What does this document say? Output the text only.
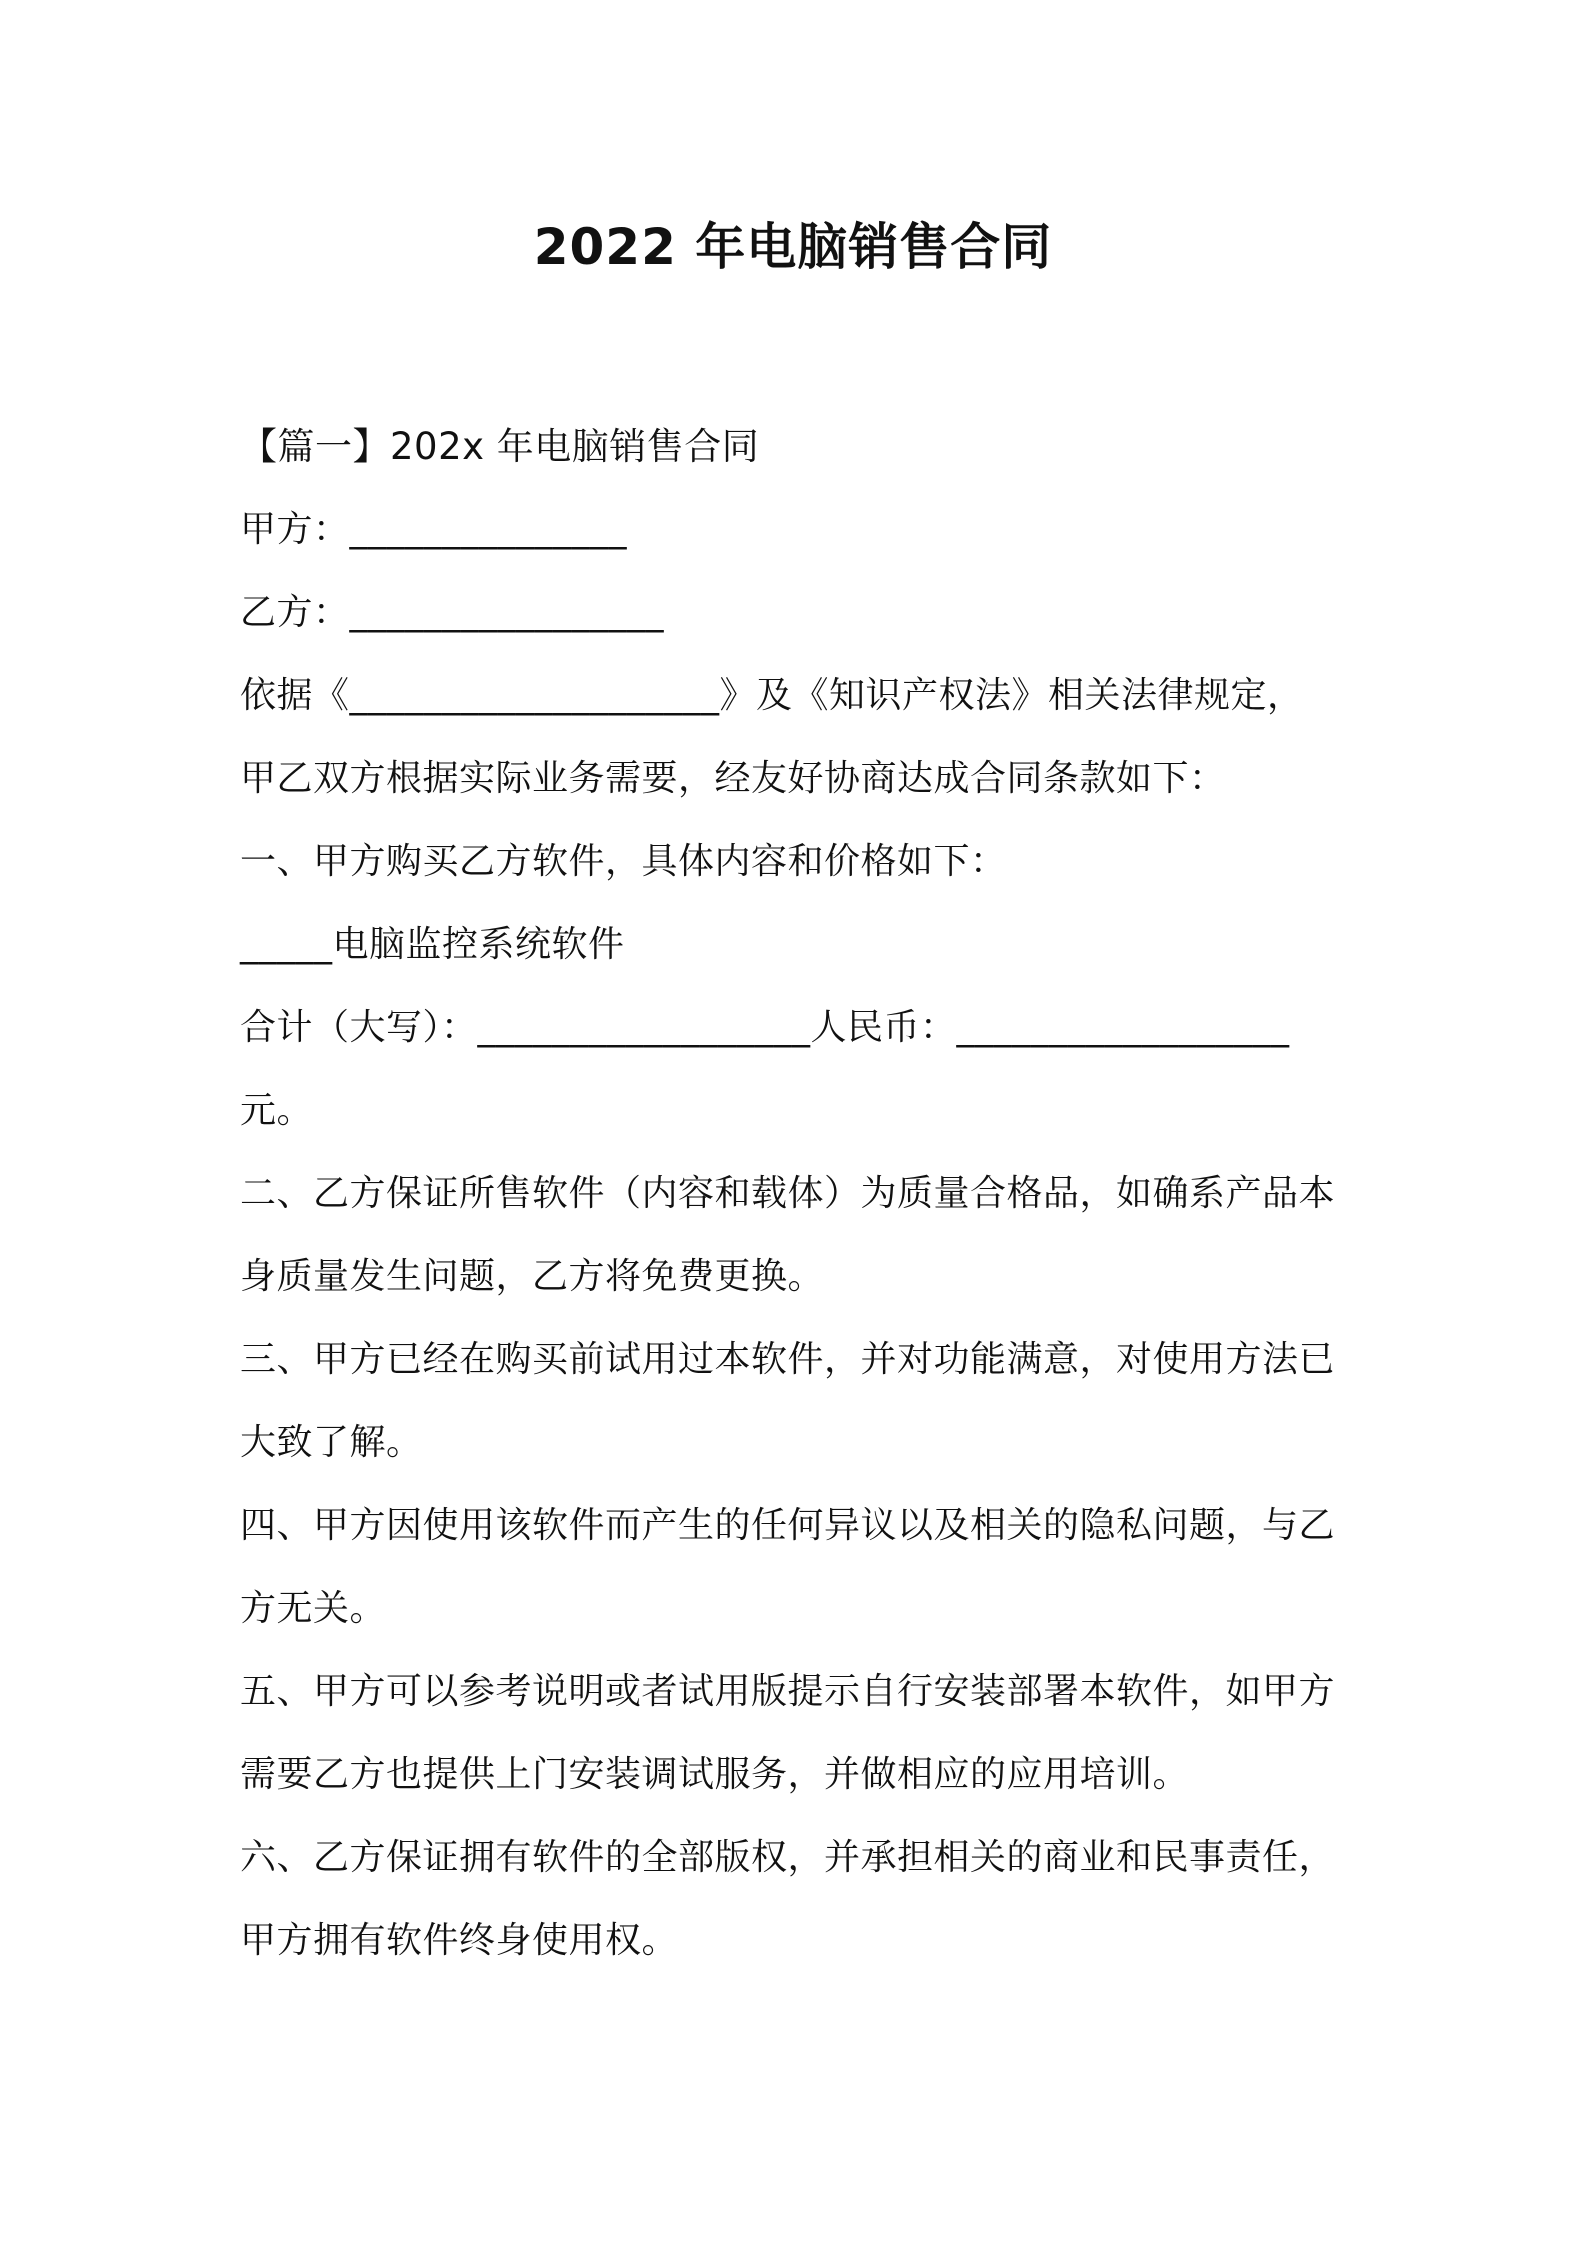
2022 年电脑销售合同
【篇一】202x 年电脑销售合同
甲方：_______________
乙方：_________________
依据《____________________》及《知识产权法》相关法律规定，
甲乙双方根据实际业务需要，经友好协商达成合同条款如下：
一、甲方购买乙方软件，具体内容和价格如下：
_____电脑监控系统软件
合计（大写）：__________________人民币：__________________
元。
二、乙方保证所售软件（内容和载体）为质量合格品，如确系产品本
身质量发生问题，乙方将免费更换。
三、甲方已经在购买前试用过本软件，并对功能满意，对使用方法已
大致了解。
四、甲方因使用该软件而产生的任何异议以及相关的隐私问题，与乙
方无关。
五、甲方可以参考说明或者试用版提示自行安装部署本软件，如甲方
需要乙方也提供上门安装调试服务，并做相应的应用培训。
六、乙方保证拥有软件的全部版权，并承担相关的商业和民事责任，
甲方拥有软件终身使用权。
